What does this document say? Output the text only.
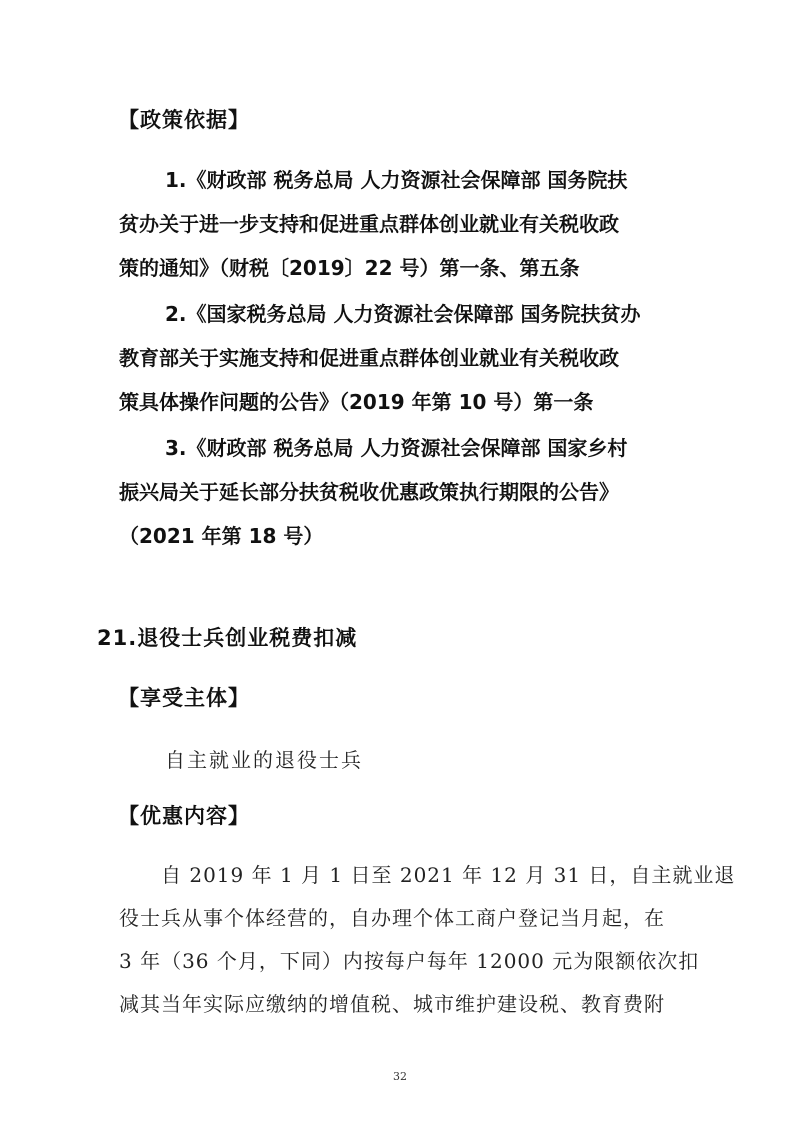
【政策依据】
1.《财政部 税务总局 人力资源社会保障部 国务院扶
贫办关于进一步支持和促进重点群体创业就业有关税收政
策的通知》（财税〔2019〕22 号）第一条、第五条
2.《国家税务总局 人力资源社会保障部 国务院扶贫办
教育部关于实施支持和促进重点群体创业就业有关税收政
策具体操作问题的公告》（2019 年第 10 号）第一条
3.《财政部 税务总局 人力资源社会保障部 国家乡村
振兴局关于延长部分扶贫税收优惠政策执行期限的公告》
（2021 年第 18 号）
21.退役士兵创业税费扣减
【享受主体】
自主就业的退役士兵
【优惠内容】
　　自 2019 年 1 月 1 日至 2021 年 12 月 31 日，自主就业退
役士兵从事个体经营的，自办理个体工商户登记当月起，在
3 年（36 个月，下同）内按每户每年 12000 元为限额依次扣
减其当年实际应缴纳的增值税、城市维护建设税、教育费附
32
